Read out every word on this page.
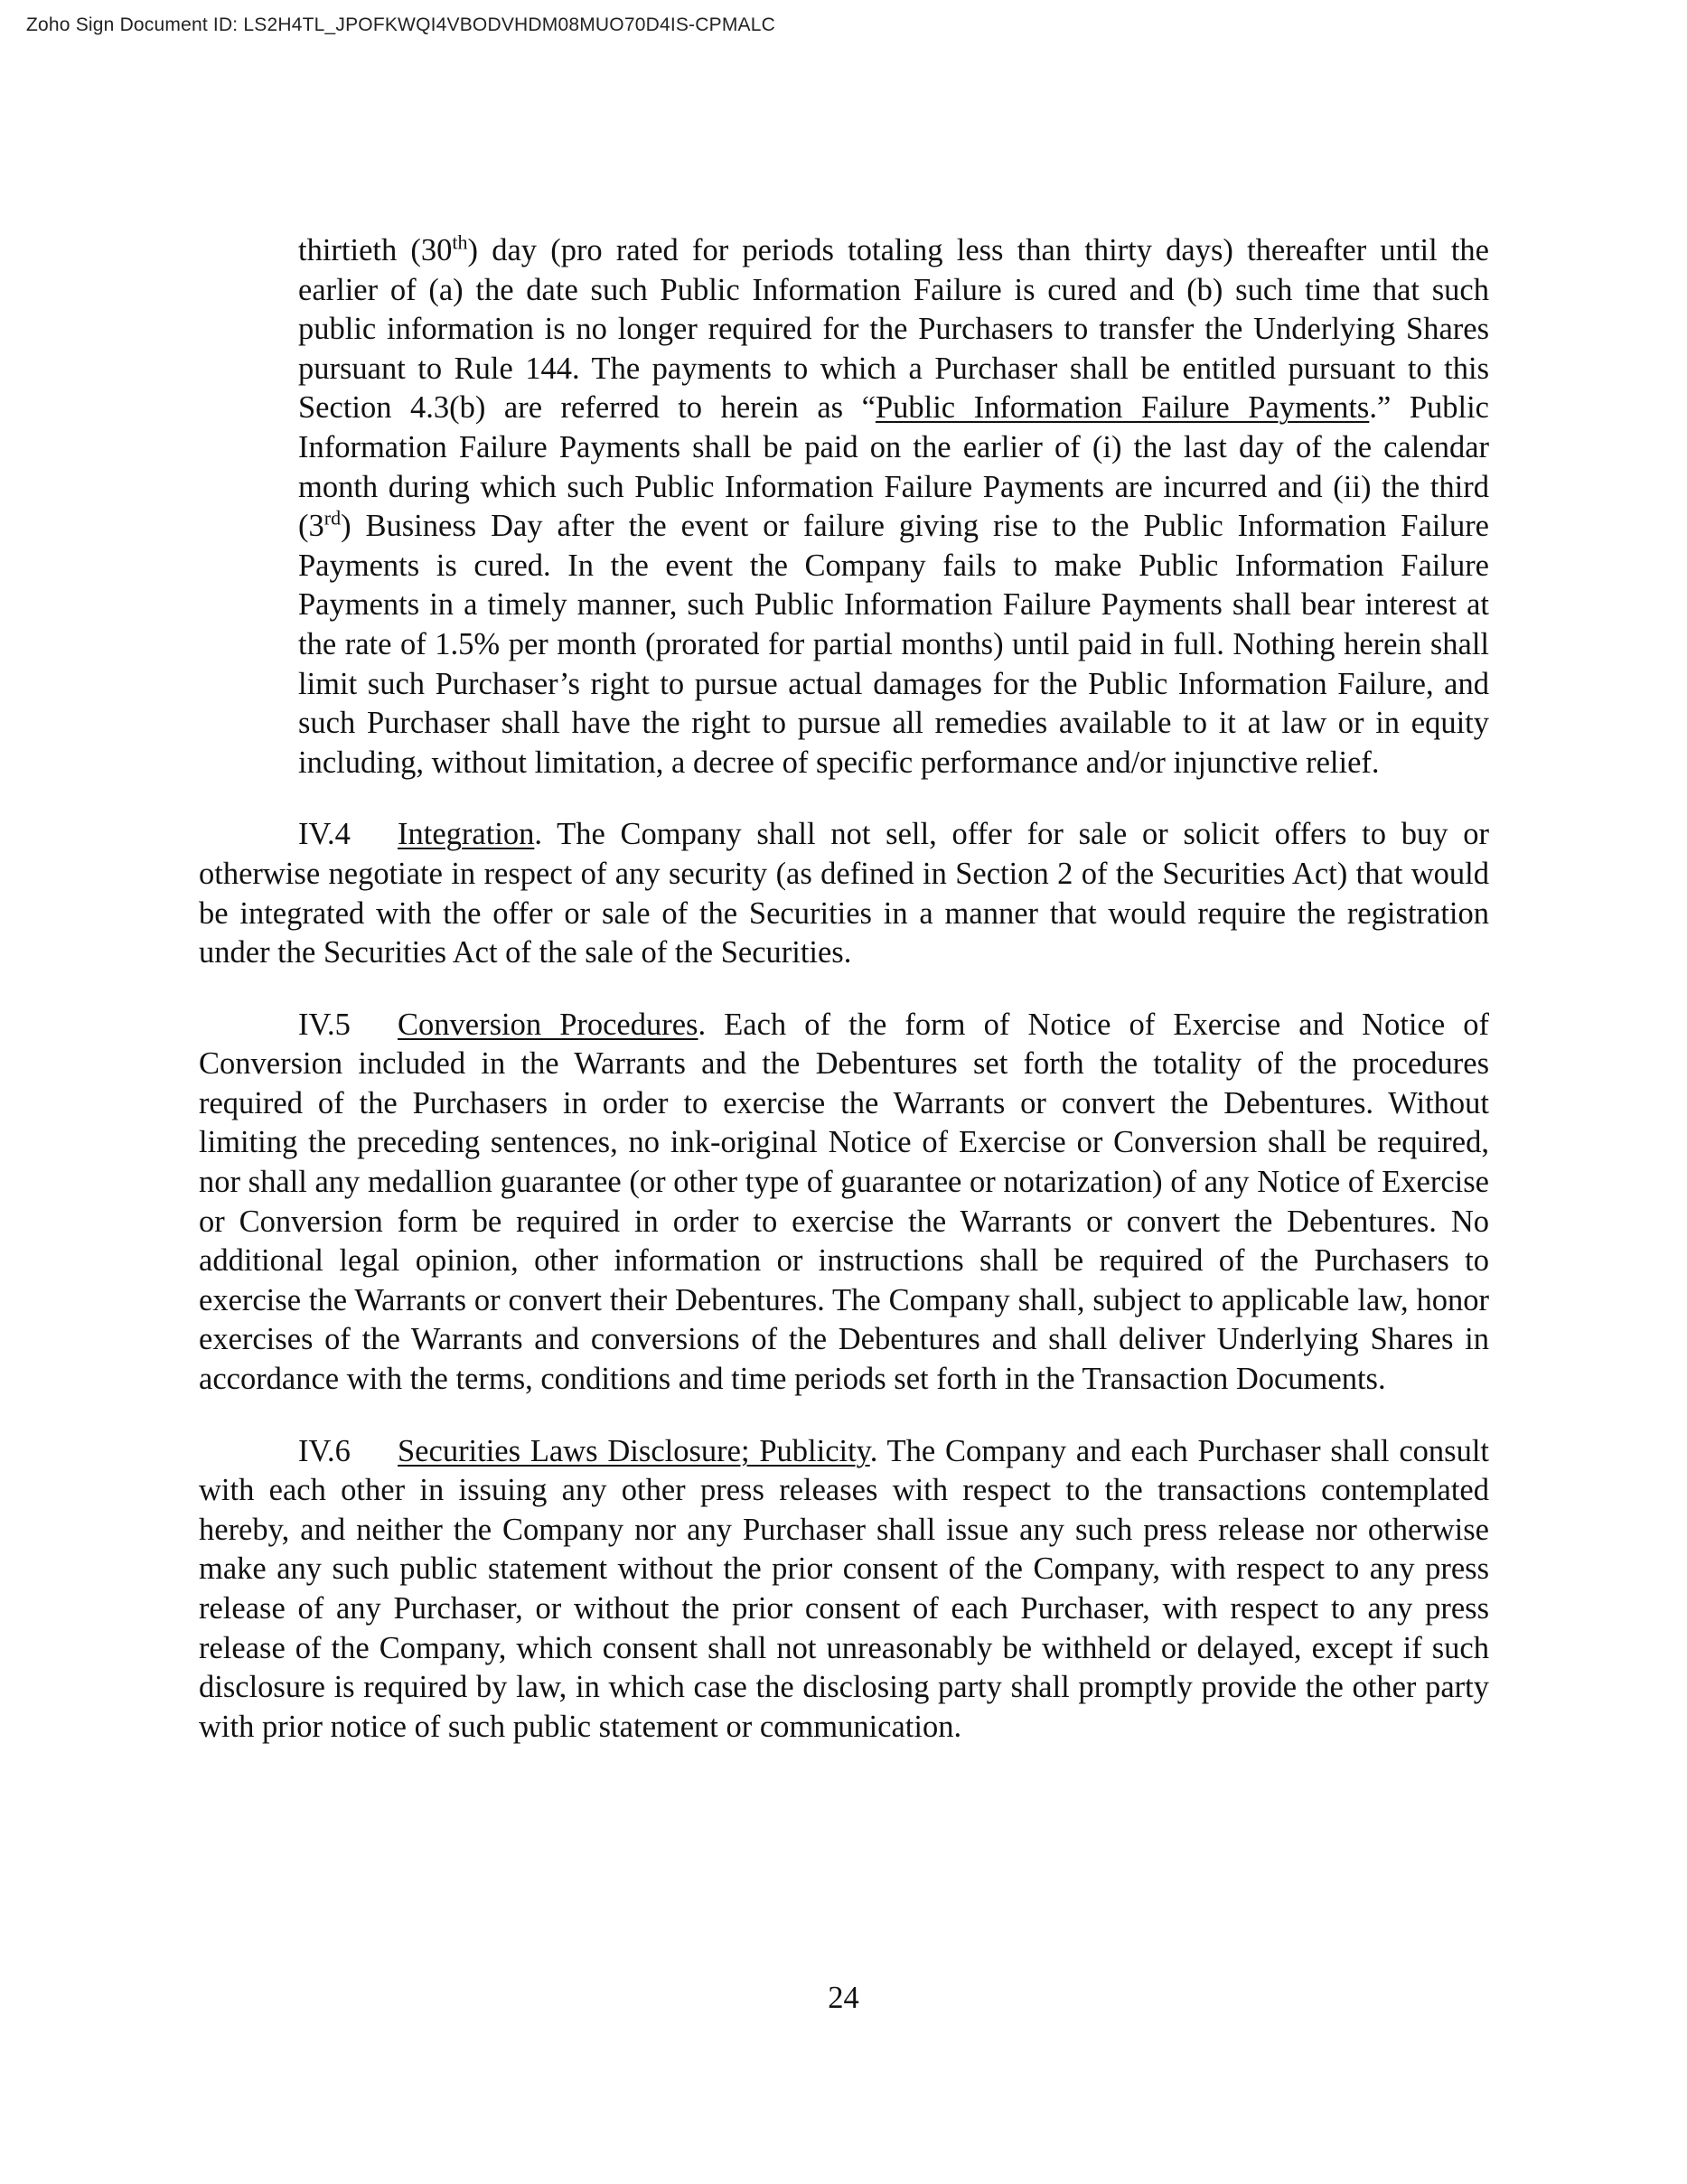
Zoho Sign Document ID: LS2H4TL_JPOFKWQI4VBODVHDM08MUO70D4IS-CPMALC

thirtieth (30th) day (pro rated for periods totaling less than thirty days) thereafter until the earlier of (a) the date such Public Information Failure is cured and (b) such time that such public information is no longer required for the Purchasers to transfer the Underlying Shares pursuant to Rule 144. The payments to which a Purchaser shall be entitled pursuant to this Section 4.3(b) are referred to herein as “Public Information Failure Payments.” Public Information Failure Payments shall be paid on the earlier of (i) the last day of the calendar month during which such Public Information Failure Payments are incurred and (ii) the third (3rd) Business Day after the event or failure giving rise to the Public Information Failure Payments is cured. In the event the Company fails to make Public Information Failure Payments in a timely manner, such Public Information Failure Payments shall bear interest at the rate of 1.5% per month (prorated for partial months) until paid in full. Nothing herein shall limit such Purchaser’s right to pursue actual damages for the Public Information Failure, and such Purchaser shall have the right to pursue all remedies available to it at law or in equity including, without limitation, a decree of specific performance and/or injunctive relief.

IV.4 Integration. The Company shall not sell, offer for sale or solicit offers to buy or otherwise negotiate in respect of any security (as defined in Section 2 of the Securities Act) that would be integrated with the offer or sale of the Securities in a manner that would require the registration under the Securities Act of the sale of the Securities.

IV.5 Conversion Procedures. Each of the form of Notice of Exercise and Notice of Conversion included in the Warrants and the Debentures set forth the totality of the procedures required of the Purchasers in order to exercise the Warrants or convert the Debentures. Without limiting the preceding sentences, no ink-original Notice of Exercise or Conversion shall be required, nor shall any medallion guarantee (or other type of guarantee or notarization) of any Notice of Exercise or Conversion form be required in order to exercise the Warrants or convert the Debentures. No additional legal opinion, other information or instructions shall be required of the Purchasers to exercise the Warrants or convert their Debentures. The Company shall, subject to applicable law, honor exercises of the Warrants and conversions of the Debentures and shall deliver Underlying Shares in accordance with the terms, conditions and time periods set forth in the Transaction Documents.

IV.6 Securities Laws Disclosure; Publicity. The Company and each Purchaser shall consult with each other in issuing any other press releases with respect to the transactions contemplated hereby, and neither the Company nor any Purchaser shall issue any such press release nor otherwise make any such public statement without the prior consent of the Company, with respect to any press release of any Purchaser, or without the prior consent of each Purchaser, with respect to any press release of the Company, which consent shall not unreasonably be withheld or delayed, except if such disclosure is required by law, in which case the disclosing party shall promptly provide the other party with prior notice of such public statement or communication.

24
